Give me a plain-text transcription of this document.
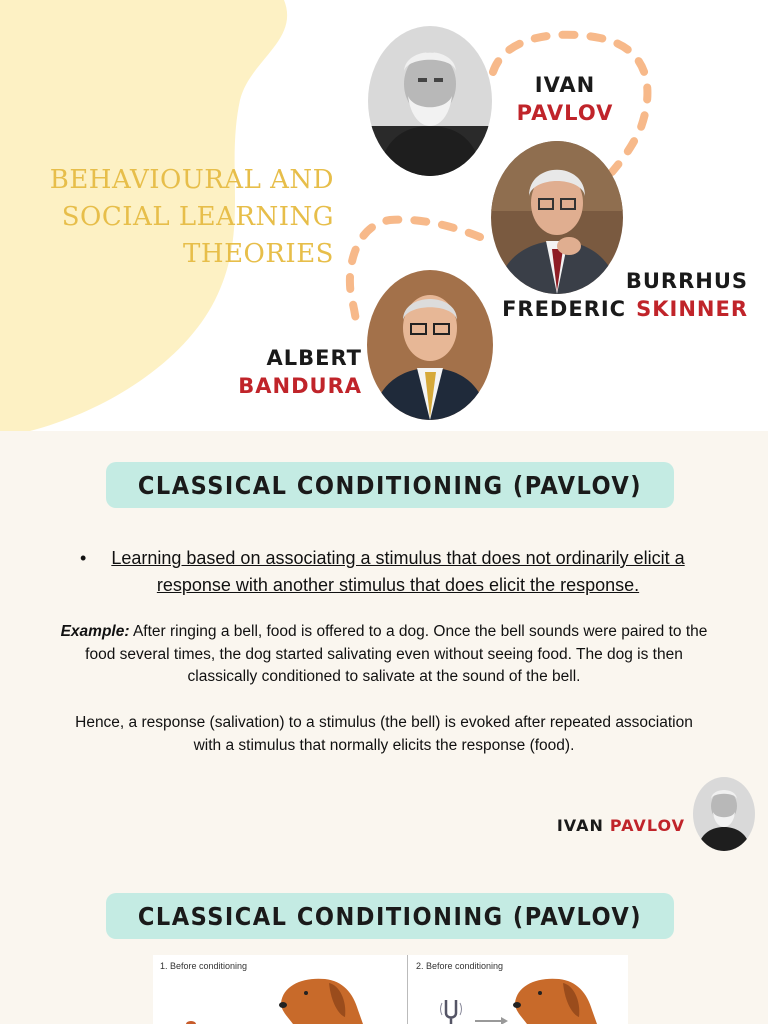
BEHAVIOURAL AND
SOCIAL LEARNING
THEORIES
IVAN
PAVLOV
BURRHUS
FREDERIC SKINNER
ALBERT
BANDURA
CLASSICAL CONDITIONING (PAVLOV)
•	Learning based on associating a stimulus that does not ordinarily elicit a response with another stimulus that does elicit the response.

Example: After ringing a bell, food is offered to a dog. Once the bell sounds were paired to the food several times, the dog started salivating even without seeing food. The dog is then classically conditioned to salivate at the sound of the bell.

Hence, a response (salivation) to a stimulus (the bell) is evoked after repeated association with a stimulus that normally elicits the response (food).

IVAN PAVLOV
CLASSICAL CONDITIONING (PAVLOV)
1. Before conditioning	2. Before conditioning
